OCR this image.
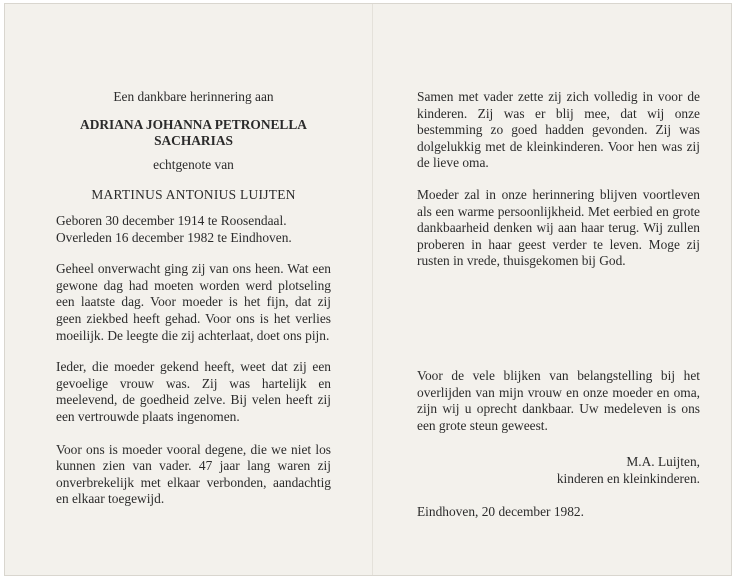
Een dankbare herinnering aan
ADRIANA JOHANNA PETRONELLA
SACHARIAS
echtgenote van
MARTINUS ANTONIUS LUIJTEN

Geboren 30 december 1914 te Roosendaal.

Overleden 16 december 1982 te Eindhoven.

Geheel onverwacht ging zij van ons heen. Wat een gewone dag had moeten worden werd plotseling een laatste dag. Voor moeder is het fijn, dat zij geen ziekbed heeft gehad. Voor ons is het verlies moeilijk. De leegte die zij achterlaat, doet ons pijn.

Ieder, die moeder gekend heeft, weet dat zij een gevoelige vrouw was. Zij was hartelijk en meelevend, de goedheid zelve. Bij velen heeft zij een vertrouwde plaats ingenomen.

Voor ons is moeder vooral degene, die we niet los kunnen zien van vader. 47 jaar lang waren zij onverbrekelijk met elkaar verbonden, aandachtig en elkaar toegewijd.

Samen met vader zette zij zich volledig in voor de kinderen. Zij was er blij mee, dat wij onze bestemming zo goed hadden gevonden. Zij was dolgelukkig met de kleinkinderen. Voor hen was zij de lieve oma.

Moeder zal in onze herinnering blijven voortleven als een warme persoonlijkheid. Met eerbied en grote dankbaarheid denken wij aan haar terug. Wij zullen proberen in haar geest verder te leven. Moge zij rusten in vrede, thuisgekomen bij God.

Voor de vele blijken van belangstelling bij het overlijden van mijn vrouw en onze moeder en oma, zijn wij u oprecht dankbaar. Uw medeleven is ons een grote steun geweest.

M.A. Luijten,

kinderen en kleinkinderen.

Eindhoven, 20 december 1982.
